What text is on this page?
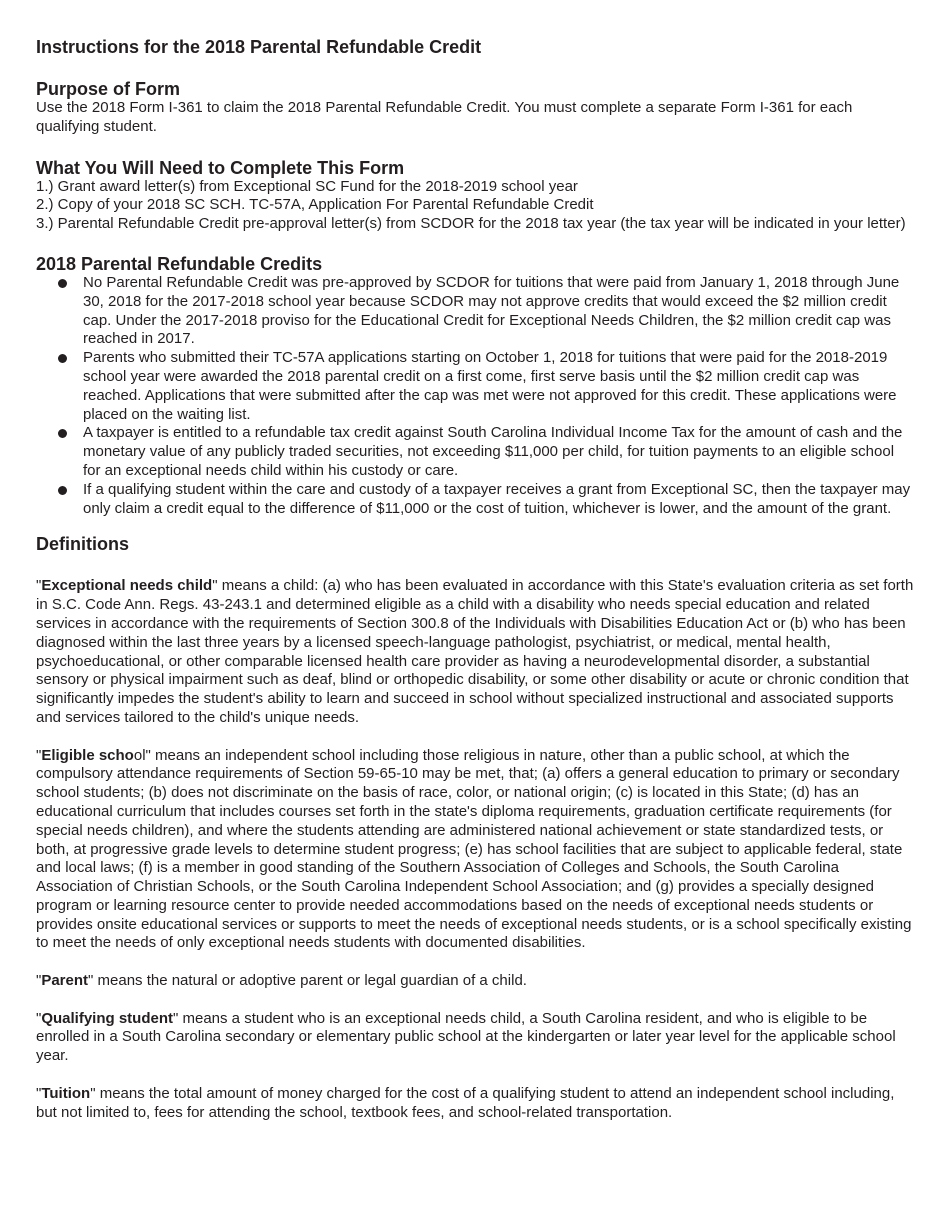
Instructions for the 2018 Parental Refundable Credit
Purpose of Form

Use the 2018 Form I-361 to claim the 2018 Parental Refundable Credit. You must complete a separate Form I-361 for each qualifying student.

What You Will Need to Complete This Form

1.) Grant award letter(s) from Exceptional SC Fund for the 2018-2019 school year

2.) Copy of your 2018 SC SCH. TC-57A, Application For Parental Refundable Credit

3.) Parental Refundable Credit pre-approval letter(s) from SCDOR for the 2018 tax year (the tax year will be indicated in your letter)

2018 Parental Refundable Credits
No Parental Refundable Credit was pre-approved by SCDOR for tuitions that were paid from January 1, 2018 through June 30, 2018 for the 2017-2018 school year because SCDOR may not approve credits that would exceed the $2 million credit cap. Under the 2017-2018 proviso for the Educational Credit for Exceptional Needs Children, the $2 million credit cap was reached in 2017.
Parents who submitted their TC-57A applications starting on October 1, 2018 for tuitions that were paid for the 2018-2019 school year were awarded the 2018 parental credit on a first come, first serve basis until the $2 million credit cap was reached. Applications that were submitted after the cap was met were not approved for this credit. These applications were placed on the waiting list.
A taxpayer is entitled to a refundable tax credit against South Carolina Individual Income Tax for the amount of cash and the monetary value of any publicly traded securities, not exceeding $11,000 per child, for tuition payments to an eligible school for an exceptional needs child within his custody or care.
If a qualifying student within the care and custody of a taxpayer receives a grant from Exceptional SC, then the taxpayer may only claim a credit equal to the difference of $11,000 or the cost of tuition, whichever is lower, and the amount of the grant.
Definitions

"Exceptional needs child" means a child: (a) who has been evaluated in accordance with this State's evaluation criteria as set forth in S.C. Code Ann. Regs. 43-243.1 and determined eligible as a child with a disability who needs special education and related services in accordance with the requirements of Section 300.8 of the Individuals with Disabilities Education Act or (b) who has been diagnosed within the last three years by a licensed speech-language pathologist, psychiatrist, or medical, mental health, psychoeducational, or other comparable licensed health care provider as having a neurodevelopmental disorder, a substantial sensory or physical impairment such as deaf, blind or orthopedic disability, or some other disability or acute or chronic condition that significantly impedes the student's ability to learn and succeed in school without specialized instructional and associated supports and services tailored to the child's unique needs.

"Eligible school" means an independent school including those religious in nature, other than a public school, at which the compulsory attendance requirements of Section 59-65-10 may be met, that; (a) offers a general education to primary or secondary school students; (b) does not discriminate on the basis of race, color, or national origin; (c) is located in this State; (d) has an educational curriculum that includes courses set forth in the state's diploma requirements, graduation certificate requirements (for special needs children), and where the students attending are administered national achievement or state standardized tests, or both, at progressive grade levels to determine student progress; (e) has school facilities that are subject to applicable federal, state and local laws; (f) is a member in good standing of the Southern Association of Colleges and Schools, the South Carolina Association of Christian Schools, or the South Carolina Independent School Association; and (g) provides a specially designed program or learning resource center to provide needed accommodations based on the needs of exceptional needs students or provides onsite educational services or supports to meet the needs of exceptional needs students, or is a school specifically existing to meet the needs of only exceptional needs students with documented disabilities.

"Parent" means the natural or adoptive parent or legal guardian of a child.

"Qualifying student" means a student who is an exceptional needs child, a South Carolina resident, and who is eligible to be enrolled in a South Carolina secondary or elementary public school at the kindergarten or later year level for the applicable school year.

"Tuition" means the total amount of money charged for the cost of a qualifying student to attend an independent school including, but not limited to, fees for attending the school, textbook fees, and school-related transportation.
